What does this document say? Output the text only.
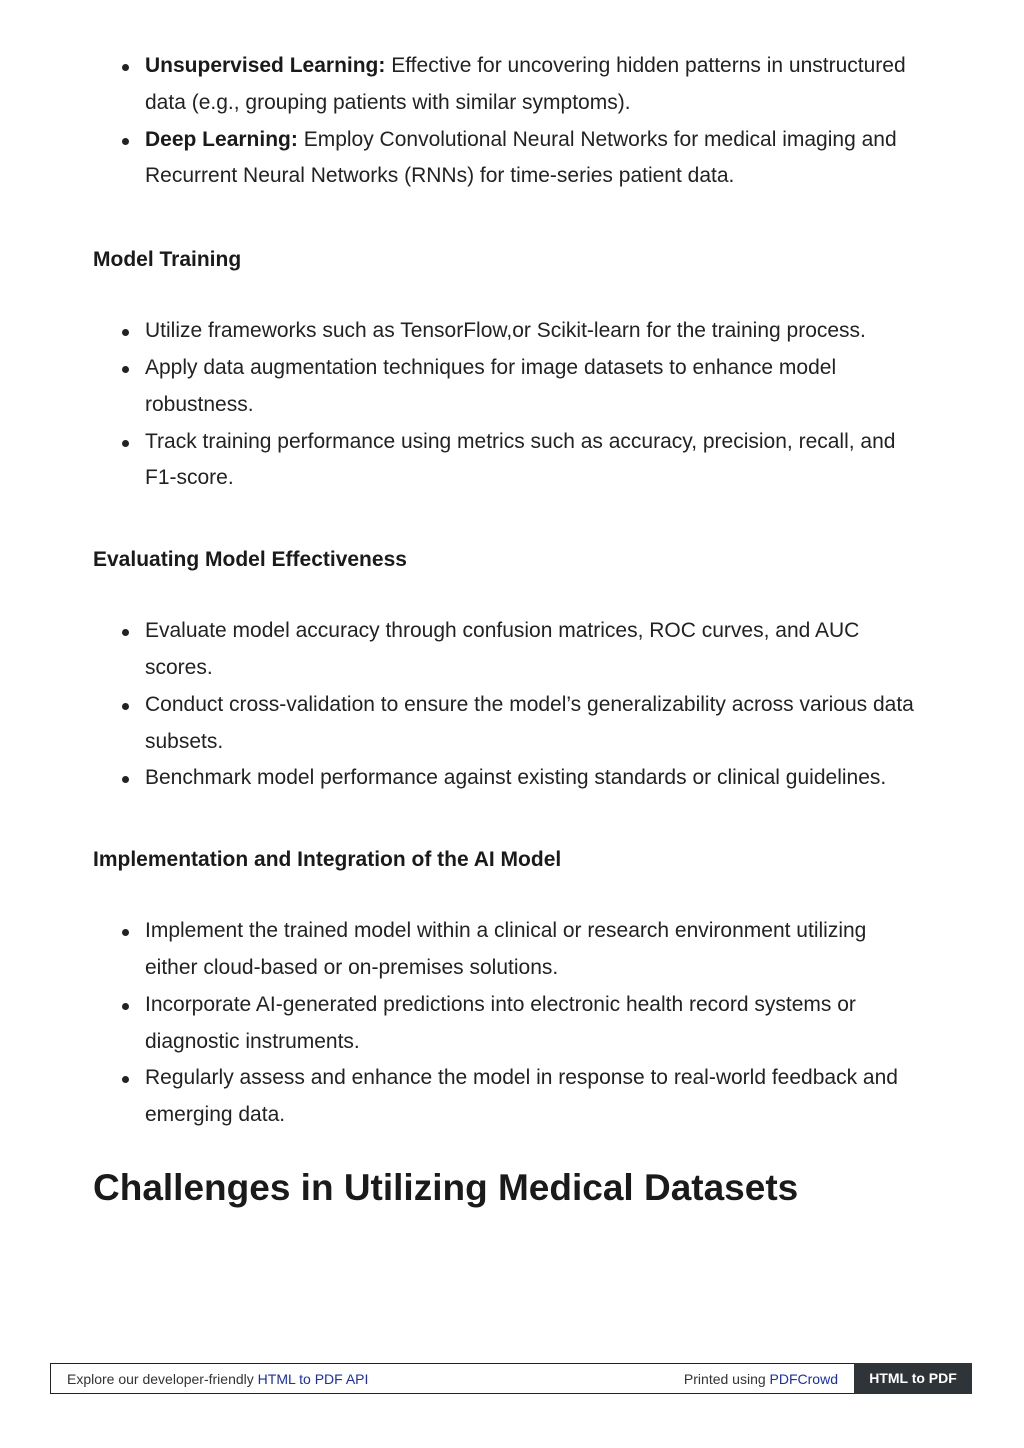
Unsupervised Learning: Effective for uncovering hidden patterns in unstructured data (e.g., grouping patients with similar symptoms).
Deep Learning: Employ Convolutional Neural Networks for medical imaging and Recurrent Neural Networks (RNNs) for time-series patient data.
Model Training
Utilize frameworks such as TensorFlow,or Scikit-learn for the training process.
Apply data augmentation techniques for image datasets to enhance model robustness.
Track training performance using metrics such as accuracy, precision, recall, and F1-score.
Evaluating Model Effectiveness
Evaluate model accuracy through confusion matrices, ROC curves, and AUC scores.
Conduct cross-validation to ensure the model’s generalizability across various data subsets.
Benchmark model performance against existing standards or clinical guidelines.
Implementation and Integration of the AI Model
Implement the trained model within a clinical or research environment utilizing either cloud-based or on-premises solutions.
Incorporate AI-generated predictions into electronic health record systems or diagnostic instruments.
Regularly assess and enhance the model in response to real-world feedback and emerging data.
Challenges in Utilizing Medical Datasets
Explore our developer-friendly HTML to PDF API	Printed using PDFCrowd	HTML to PDF
